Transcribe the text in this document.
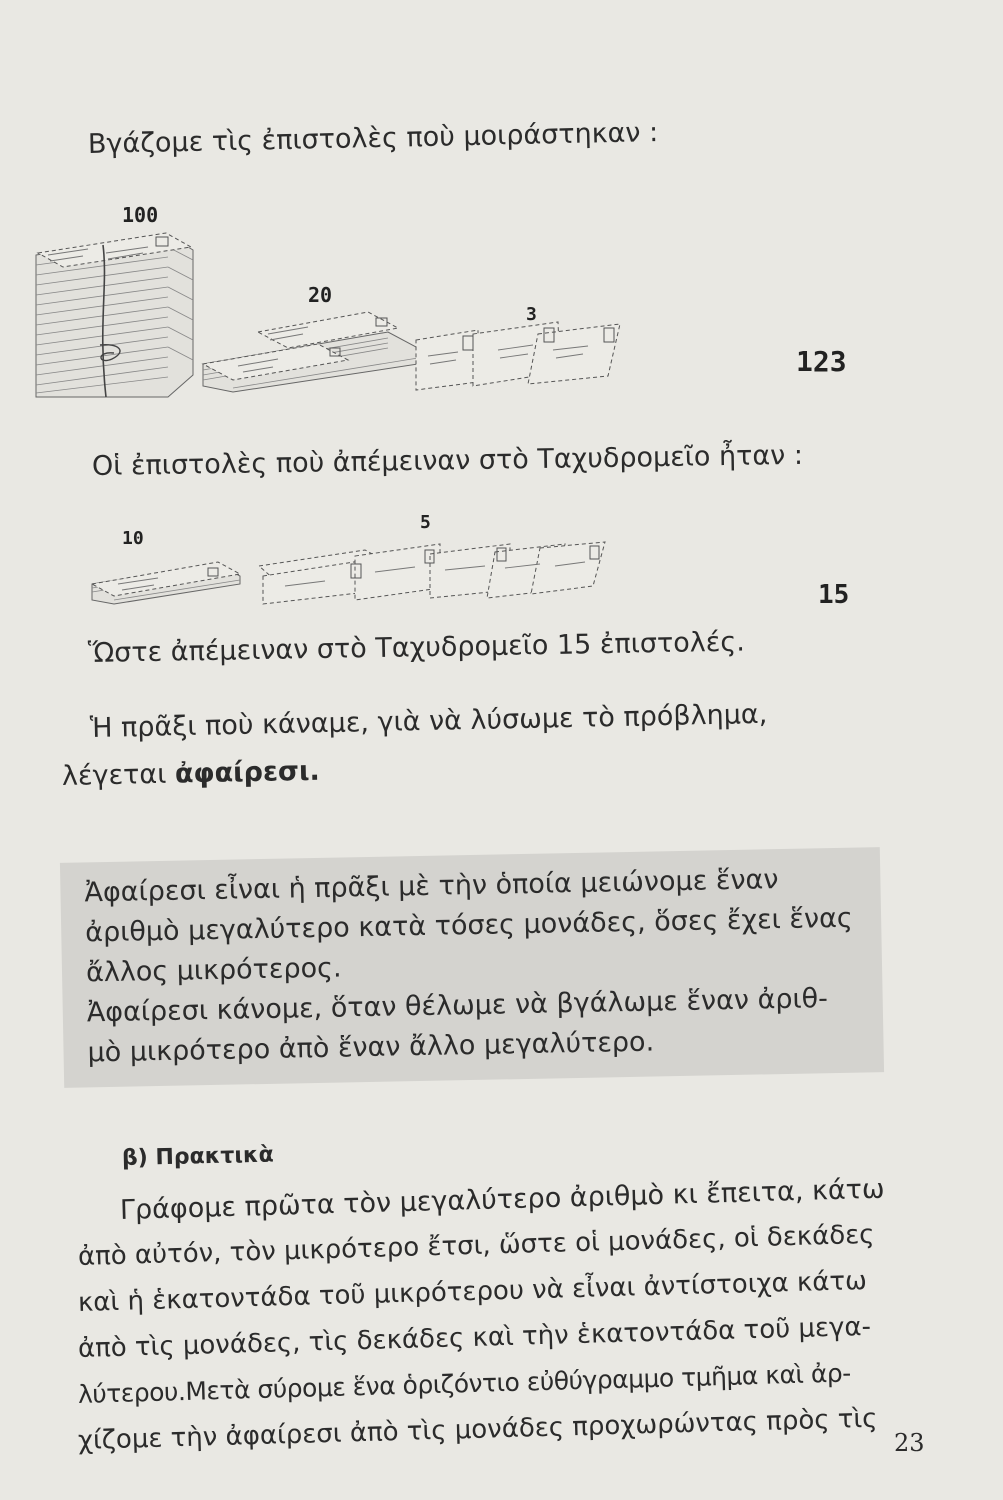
Βγάζομε τὶς ἐπιστολὲς ποὺ μοιράστηκαν :
100
20
3
123
Οἱ ἐπιστολὲς ποὺ ἀπέμειναν στὸ Ταχυδρομεῖο ἦταν :
10
5
15
Ὥστε ἀπέμειναν στὸ Ταχυδρομεῖο 15 ἐπιστολές.
Ἡ πρᾶξι ποὺ κάναμε, γιὰ νὰ λύσωμε τὸ πρόβλημα,
λέγεται ἀφαίρεσι.
Ἀφαίρεσι εἶναι ἡ πρᾶξι μὲ τὴν ὁποία μειώνομε ἕναν
ἀριθμὸ μεγαλύτερο κατὰ τόσες μονάδες, ὅσες ἔχει ἕνας
ἄλλος μικρότερος.
Ἀφαίρεσι κάνομε, ὅταν θέλωμε νὰ βγάλωμε ἕναν ἀριθ-
μὸ μικρότερο ἀπὸ ἕναν ἄλλο μεγαλύτερο.
β) Πρακτικὰ
Γράφομε πρῶτα τὸν μεγαλύτερο ἀριθμὸ κι ἔπειτα, κάτω
ἀπὸ αὐτόν, τὸν μικρότερο ἔτσι, ὥστε οἱ μονάδες, οἱ δεκάδες
καὶ ἡ ἑκατοντάδα τοῦ μικρότερου νὰ εἶναι ἀντίστοιχα κάτω
ἀπὸ τὶς μονάδες, τὶς δεκάδες καὶ τὴν ἑκατοντάδα τοῦ μεγα-
λύτερου.Μετὰ σύρομε ἕνα ὁριζόντιο εὐθύγραμμο τμῆμα καὶ ἀρ-
χίζομε τὴν ἀφαίρεσι ἀπὸ τὶς μονάδες προχωρώντας πρὸς τὶς 23
